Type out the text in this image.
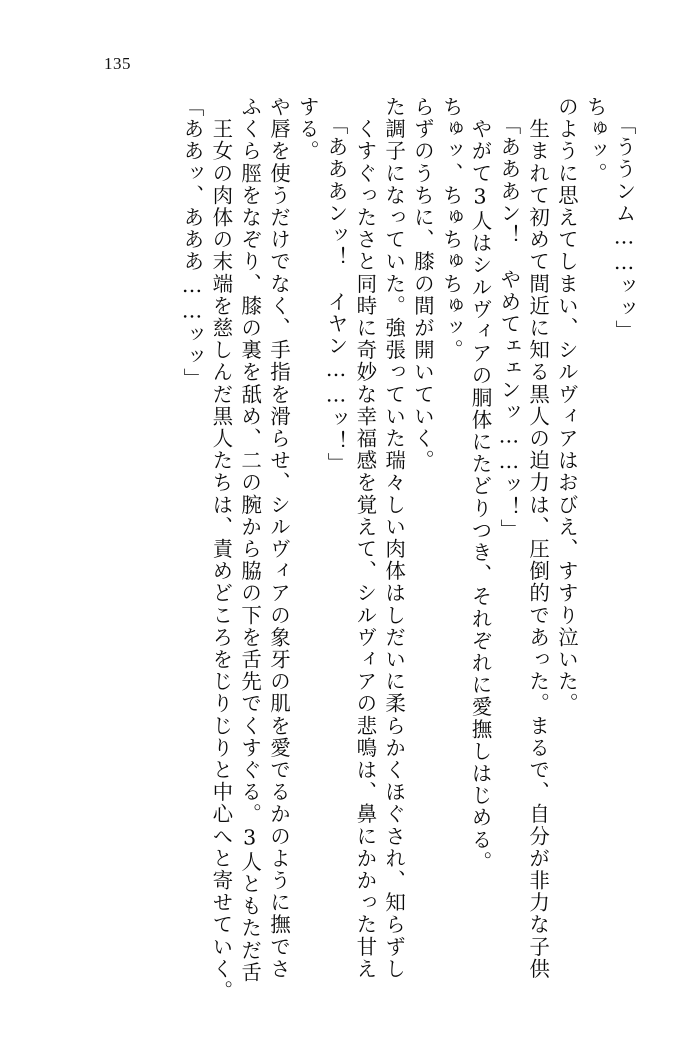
135
「ああッ、あああ……ッッ」 　王女の肉体の末端を慈しんだ黒人たちは、責めどころをじりじりと中心へと寄せていく。 ふくら脛をなぞり、膝の裏を舐め、二の腕から脇の下を舌先でくすぐる。3人ともただ舌 や唇を使うだけでなく、手指を滑らせ、シルヴィアの象牙の肌を愛でるかのように撫でさ する。 「あああンッ！　イヤン……ッ！」 　くすぐったさと同時に奇妙な幸福感を覚えて、シルヴィアの悲鳴は、鼻にかかった甘え た調子になっていた。強張っていた瑞々しい肉体はしだいに柔らかくほぐされ、知らずし らずのうちに、膝の間が開いていく。 ちゅッ、ちゅちゅちゅッ。 　やがて3人はシルヴィアの胴体にたどりつき、それぞれに愛撫しはじめる。 「あああン！　やめてェェンッ……ッ！」 　生まれて初めて間近に知る黒人の迫力は、圧倒的であった。まるで、自分が非力な子供 のように思えてしまい、シルヴィアはおびえ、すすり泣いた。 ちゅッ。 「ううンム……ッッ」
